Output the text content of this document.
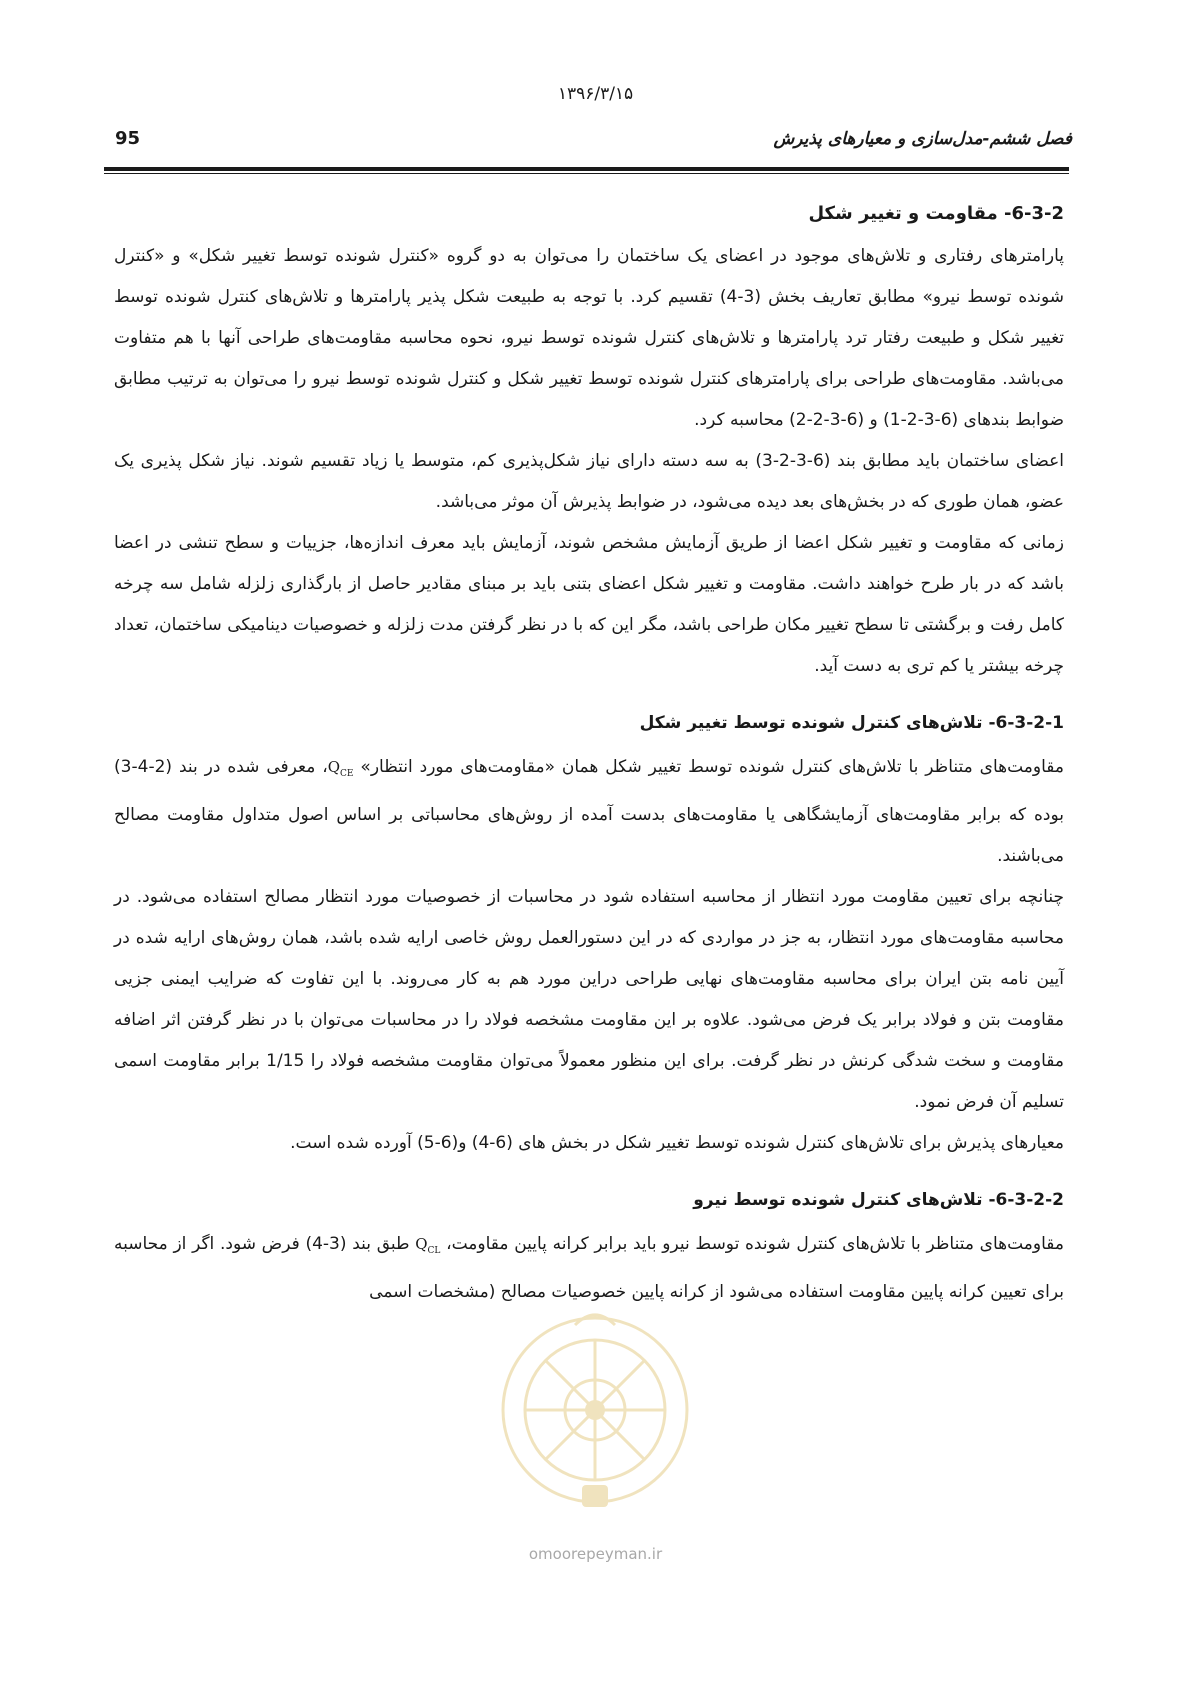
۱۳۹۶/۳/۱۵
95	فصل ششم-مدل‌سازی و معیارهای پذیرش
6-3-2- مقاومت و تغییر شکل

پارامترهای رفتاری و تلاش‌های موجود در اعضای یک ساختمان را می‌توان به دو گروه «کنترل شونده توسط تغییر شکل» و «کنترل شونده توسط نیرو» مطابق تعاریف بخش (3-4) تقسیم کرد. با توجه به طبیعت شکل پذیر پارامترها و تلاش‌های کنترل شونده توسط تغییر شکل و طبیعت رفتار ترد پارامترها و تلاش‌های کنترل شونده توسط نیرو، نحوه محاسبه مقاومت‌های طراحی آنها با هم متفاوت می‌باشد. مقاومت‌های طراحی برای پارامترهای کنترل شونده توسط تغییر شکل و کنترل شونده توسط نیرو را می‌توان به ترتیب مطابق ضوابط بندهای (6-3-2-1) و (6-3-2-2) محاسبه کرد.

اعضای ساختمان باید مطابق بند (6-3-2-3) به سه دسته دارای نیاز شکل‌پذیری کم، متوسط یا زیاد تقسیم شوند. نیاز شکل پذیری یک عضو، همان طوری که در بخش‌های بعد دیده می‌شود، در ضوابط پذیرش آن موثر می‌باشد.

زمانی که مقاومت و تغییر شکل اعضا از طریق آزمایش مشخص شوند، آزمایش باید معرف اندازه‌ها، جزییات و سطح تنشی در اعضا باشد که در بار طرح خواهند داشت. مقاومت و تغییر شکل اعضای بتنی باید بر مبنای مقادیر حاصل از بارگذاری زلزله شامل سه چرخه کامل رفت و برگشتی تا سطح تغییر مکان طراحی باشد، مگر این که با در نظر گرفتن مدت زلزله و خصوصیات دینامیکی ساختمان، تعداد چرخه بیشتر یا کم تری به دست آید.

6-3-2-1- تلاش‌های کنترل شونده توسط تغییر شکل

مقاومت‌های متناظر با تلاش‌های کنترل شونده توسط تغییر شکل همان «مقاومت‌های مورد انتظار» $Q_{CE}،$ معرفی شده در بند (2-4-3) بوده که برابر مقاومت‌های آزمایشگاهی یا مقاومت‌های بدست آمده از روش‌های محاسباتی بر اساس اصول متداول مقاومت مصالح می‌باشند.

چنانچه برای تعیین مقاومت مورد انتظار از محاسبه استفاده شود در محاسبات از خصوصیات مورد انتظار مصالح استفاده می‌شود. در محاسبه مقاومت‌های مورد انتظار، به جز در مواردی که در این دستورالعمل روش خاصی ارایه شده باشد، همان روش‌های ارایه شده در آیین نامه بتن ایران برای محاسبه مقاومت‌های نهایی طراحی دراین مورد هم به کار می‌روند. با این تفاوت که ضرایب ایمنی جزیی مقاومت بتن و فولاد برابر یک فرض می‌شود. علاوه بر این مقاومت مشخصه فولاد را در محاسبات می‌توان با در نظر گرفتن اثر اضافه مقاومت و سخت شدگی کرنش در نظر گرفت. برای این منظور معمولاً می‌توان مقاومت مشخصه فولاد را 1/15 برابر مقاومت اسمی تسلیم آن فرض نمود.

معیارهای پذیرش برای تلاش‌های کنترل شونده توسط تغییر شکل در بخش های (6-4) و(6-5) آورده شده است.

6-3-2-2- تلاش‌های کنترل شونده توسط نیرو

مقاومت‌های متناظر با تلاش‌های کنترل شونده توسط نیرو باید برابر کرانه پایین مقاومت، $Q_{CL}$ طبق بند (3-4) فرض شود. اگر از محاسبه برای تعیین کرانه پایین مقاومت استفاده می‌شود از کرانه پایین خصوصیات مصالح (مشخصات اسمی

omoorepeyman.ir
